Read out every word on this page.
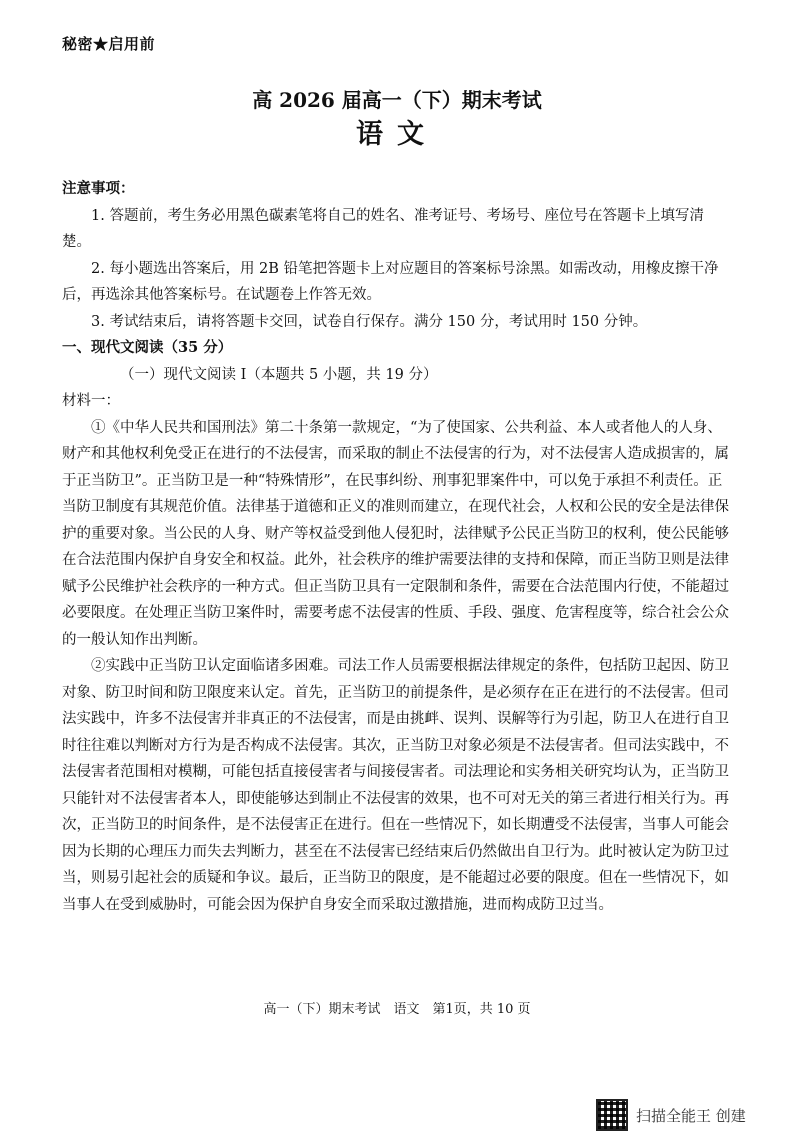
秘密★启用前
高 2026 届高一（下）期末考试
语文

注意事项：

1. 答题前，考生务必用黑色碳素笔将自己的姓名、准考证号、考场号、座位号在答题卡上填写清楚。

2. 每小题选出答案后，用 2B 铅笔把答题卡上对应题目的答案标号涂黑。如需改动，用橡皮擦干净后，再选涂其他答案标号。在试题卷上作答无效。

3. 考试结束后，请将答题卡交回，试卷自行保存。满分 150 分，考试用时 150 分钟。

一、现代文阅读（35 分）

（一）现代文阅读 Ⅰ（本题共 5 小题，共 19 分）

材料一：

①《中华人民共和国刑法》第二十条第一款规定，“为了使国家、公共利益、本人或者他人的人身、财产和其他权利免受正在进行的不法侵害，而采取的制止不法侵害的行为，对不法侵害人造成损害的，属于正当防卫”。正当防卫是一种“特殊情形”，在民事纠纷、刑事犯罪案件中，可以免于承担不利责任。正当防卫制度有其规范价值。法律基于道德和正义的准则而建立，在现代社会，人权和公民的安全是法律保护的重要对象。当公民的人身、财产等权益受到他人侵犯时，法律赋予公民正当防卫的权利，使公民能够在合法范围内保护自身安全和权益。此外，社会秩序的维护需要法律的支持和保障，而正当防卫则是法律赋予公民维护社会秩序的一种方式。但正当防卫具有一定限制和条件，需要在合法范围内行使，不能超过必要限度。在处理正当防卫案件时，需要考虑不法侵害的性质、手段、强度、危害程度等，综合社会公众的一般认知作出判断。

②实践中正当防卫认定面临诸多困难。司法工作人员需要根据法律规定的条件，包括防卫起因、防卫对象、防卫时间和防卫限度来认定。首先，正当防卫的前提条件，是必须存在正在进行的不法侵害。但司法实践中，许多不法侵害并非真正的不法侵害，而是由挑衅、误判、误解等行为引起，防卫人在进行自卫时往往难以判断对方行为是否构成不法侵害。其次，正当防卫对象必须是不法侵害者。但司法实践中，不法侵害者范围相对模糊，可能包括直接侵害者与间接侵害者。司法理论和实务相关研究均认为，正当防卫只能针对不法侵害者本人，即使能够达到制止不法侵害的效果，也不可对无关的第三者进行相关行为。再次，正当防卫的时间条件，是不法侵害正在进行。但在一些情况下，如长期遭受不法侵害，当事人可能会因为长期的心理压力而失去判断力，甚至在不法侵害已经结束后仍然做出自卫行为。此时被认定为防卫过当，则易引起社会的质疑和争议。最后，正当防卫的限度，是不能超过必要的限度。但在一些情况下，如当事人在受到威胁时，可能会因为保护自身安全而采取过激措施，进而构成防卫过当。

高一（下）期末考试　语文　第1页，共 10 页
扫描全能王 创建
